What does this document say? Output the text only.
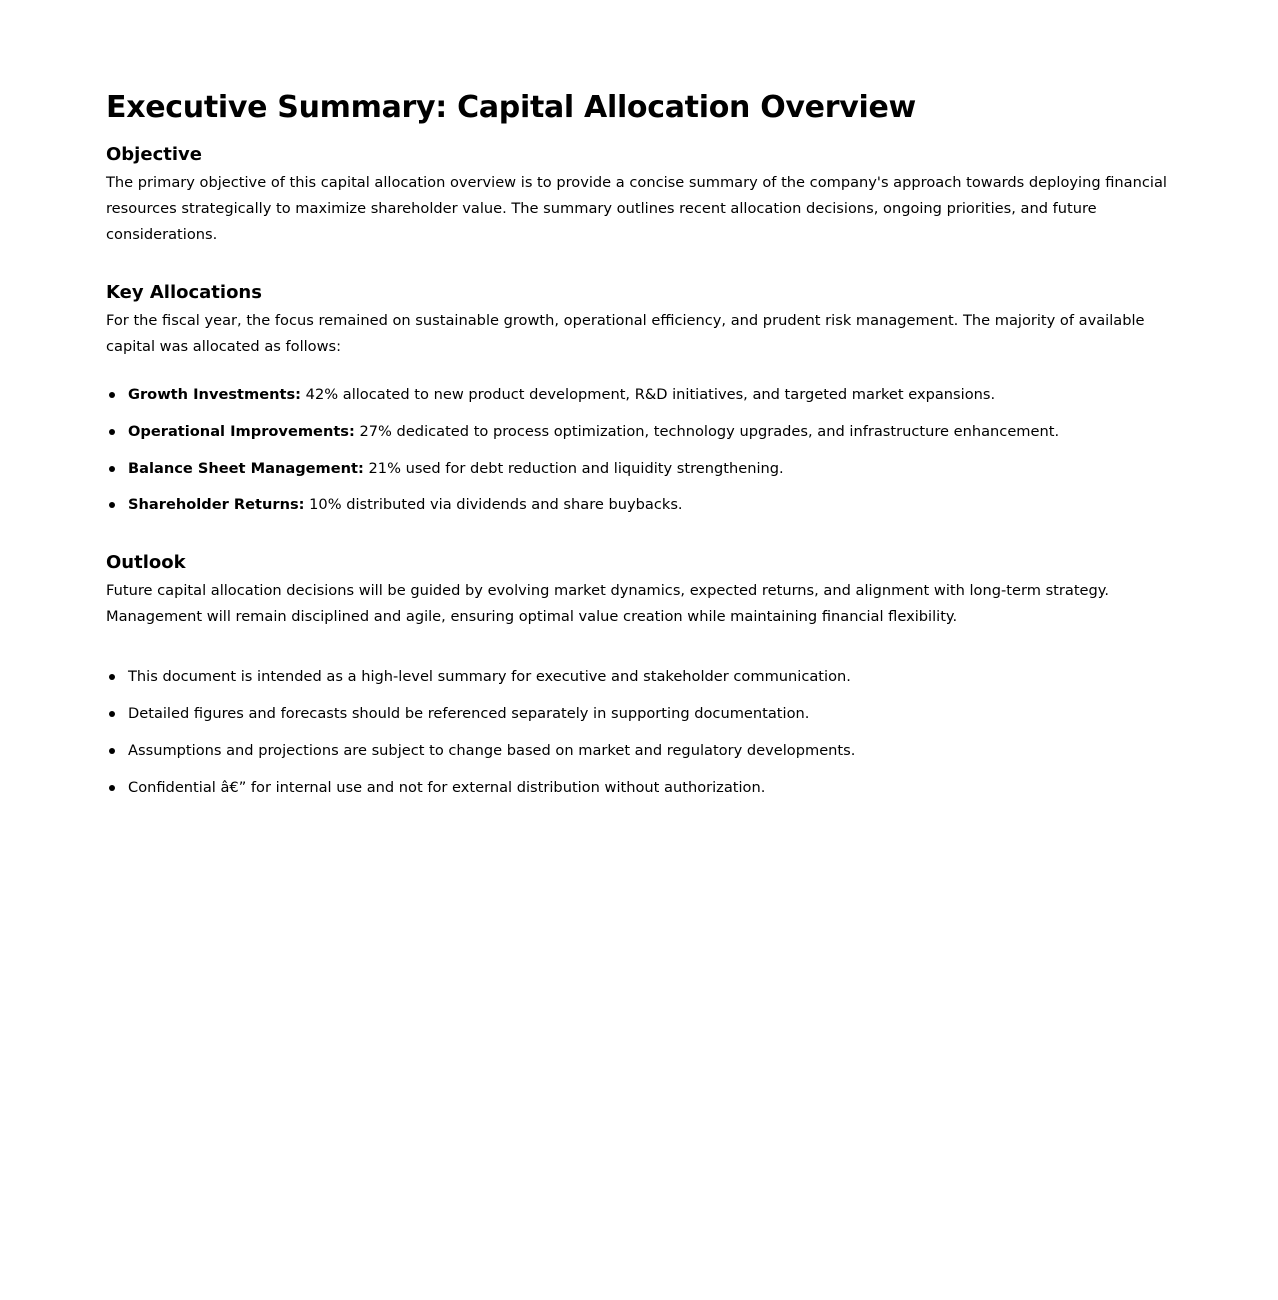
Executive Summary: Capital Allocation Overview
Objective

The primary objective of this capital allocation overview is to provide a concise summary of the company's approach towards deploying financial resources strategically to maximize shareholder value. The summary outlines recent allocation decisions, ongoing priorities, and future considerations.

Key Allocations

For the fiscal year, the focus remained on sustainable growth, operational efficiency, and prudent risk management. The majority of available capital was allocated as follows:

Growth Investments: 42% allocated to new product development, R&D initiatives, and targeted market expansions.
Operational Improvements: 27% dedicated to process optimization, technology upgrades, and infrastructure enhancement.
Balance Sheet Management: 21% used for debt reduction and liquidity strengthening.
Shareholder Returns: 10% distributed via dividends and share buybacks.
Outlook

Future capital allocation decisions will be guided by evolving market dynamics, expected returns, and alignment with long-term strategy. Management will remain disciplined and agile, ensuring optimal value creation while maintaining financial flexibility.

This document is intended as a high-level summary for executive and stakeholder communication.
Detailed figures and forecasts should be referenced separately in supporting documentation.
Assumptions and projections are subject to change based on market and regulatory developments.
Confidential â€” for internal use and not for external distribution without authorization.
